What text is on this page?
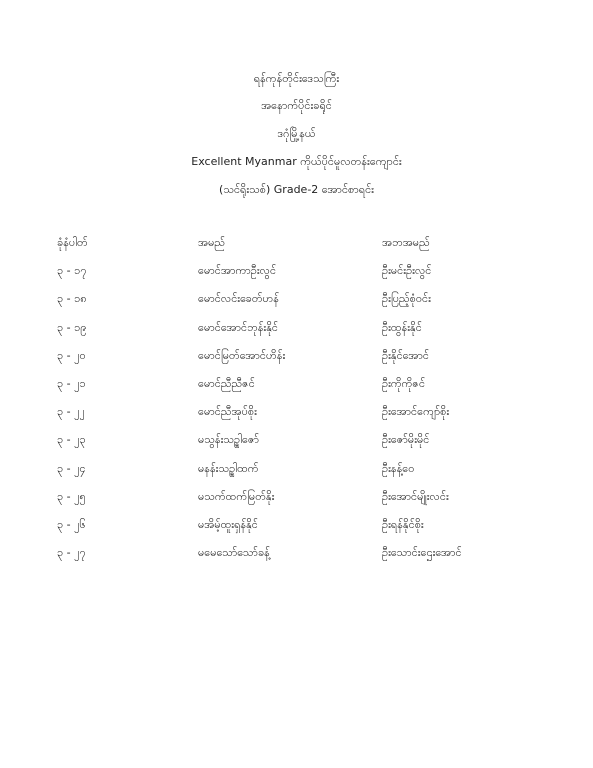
ရန်ကုန်တိုင်းဒေသကြီး
အနောက်ပိုင်းခရိုင်
ဒဂုံမြို့နယ်
Excellent Myanmar ကိုယ်ပိုင်မူလတန်းကျောင်း
(သင်ရိုးသစ်) Grade-2 အောင်စာရင်း
ခုံနံပါတ်	အမည်	အဘအမည်
၃ - ၁၇	မောင်အာကာဦးလွင်	ဦးမင်းဦးလွင်
၃ - ၁၈	မောင်လင်းခေတ်ဟန်	ဦးပြည့်စုံဝင်း
၃ - ၁၉	မောင်အောင်ဘုန်းနိုင်	ဦးထွန်းနိုင်
၃ - ၂၀	မောင်မြတ်အောင်ဟိန်း	ဦးနိုင်အောင်
၃ - ၂၁	မောင်ညီညီဇင်	ဦးကိုကိုဇင်
၃ - ၂၂	မောင်ညီအုပ်စိုး	ဦးအောင်ကျော်စိုး
၃ - ၂၃	မသွန်းသဥ္ဓါဇော်	ဦးဇော်မိုးမိုင်
၃ - ၂၄	မနန်းသဥ္ဓါထက်	ဦးနန့်ဝေ
၃ - ၂၅	မသက်ထက်မြတ်နိုး	ဦးအောင်မျိုးလင်း
၃ - ၂၆	မအိမ့်ထူးရှန်နိုင်	ဦးရန်နိုင်စိုး
၃ - ၂၇	မမေသော်သော်ခန့်	ဦးသောင်းဌေးအောင်
